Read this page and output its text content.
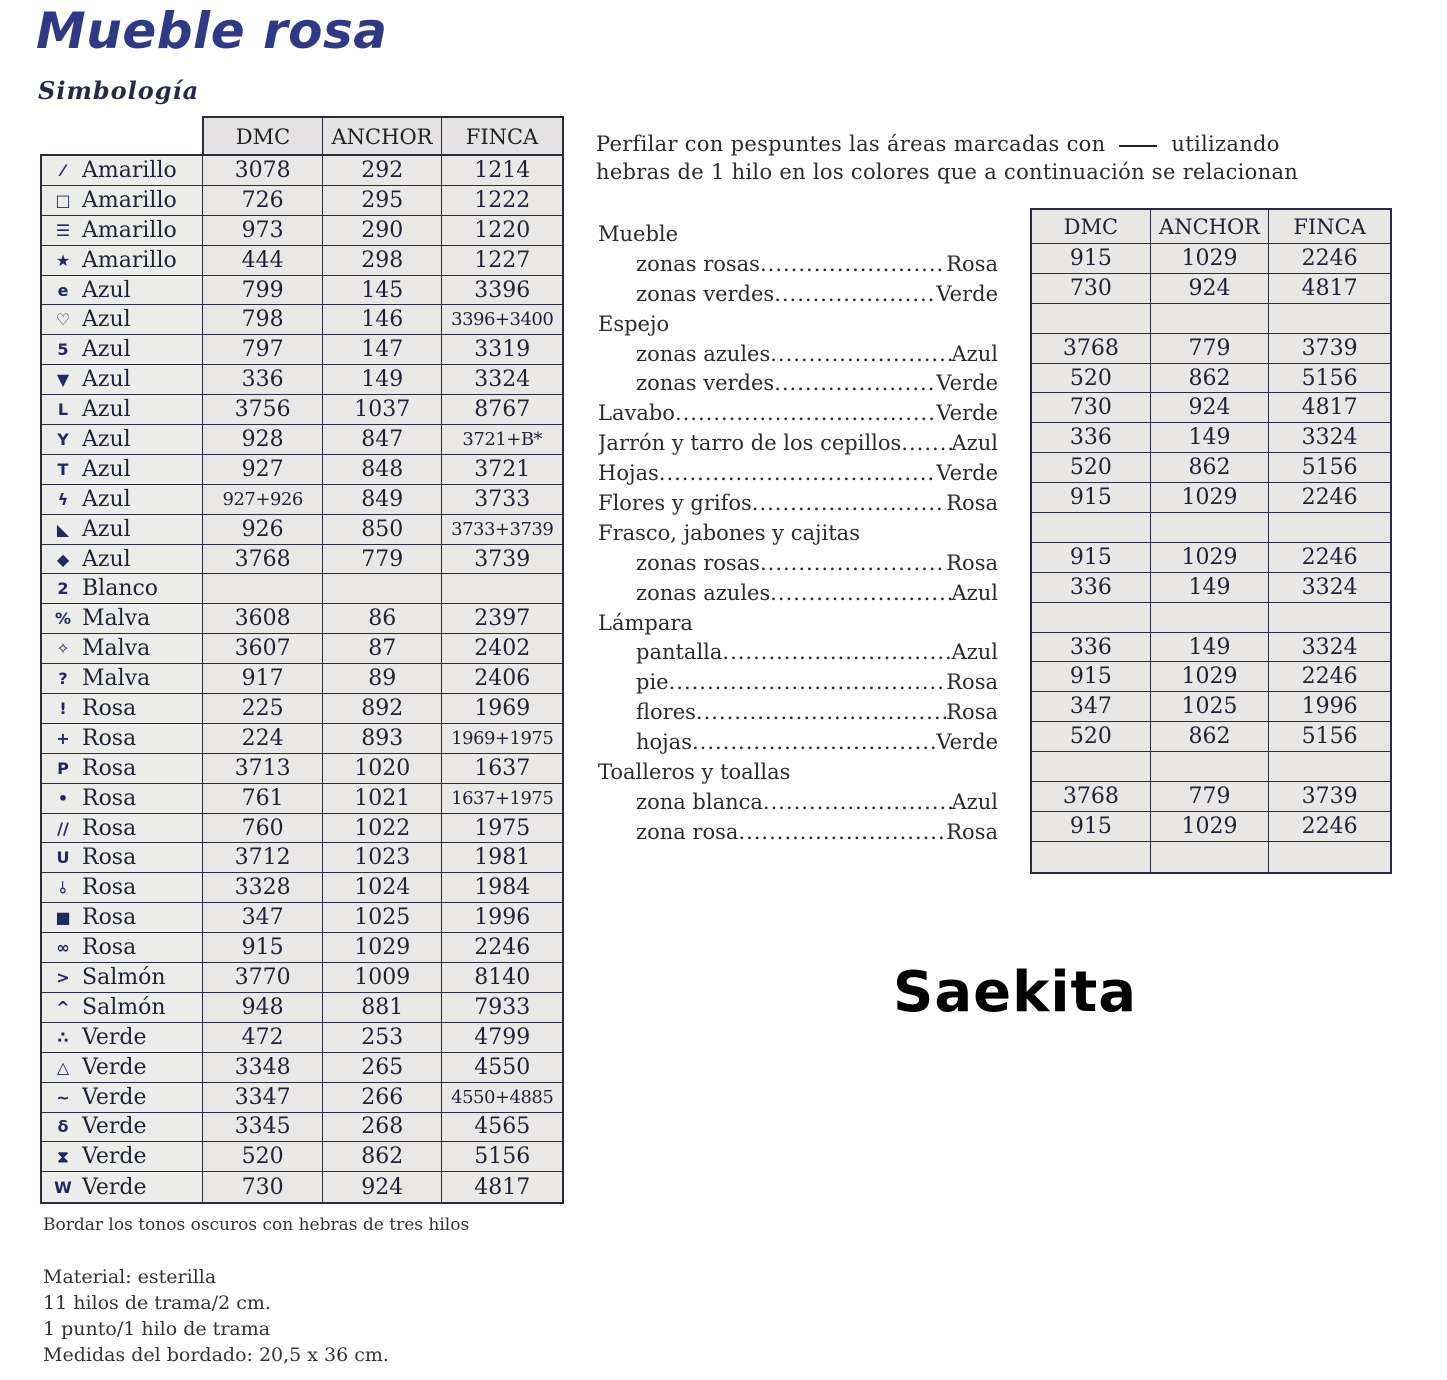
Mueble rosa
Simbología
DMC	ANCHOR	FINCA
⁄ Amarillo	3078	292	1214
□ Amarillo	726	295	1222
☰ Amarillo	973	290	1220
★ Amarillo	444	298	1227
e Azul	799	145	3396
♡ Azul	798	146	3396+3400
5 Azul	797	147	3319
▼ Azul	336	149	3324
L Azul	3756	1037	8767
Y Azul	928	847	3721+B*
T Azul	927	848	3721
ϟ Azul	927+926	849	3733
◣ Azul	926	850	3733+3739
◆ Azul	3768	779	3739
2 Blanco
% Malva	3608	86	2397
✧ Malva	3607	87	2402
? Malva	917	89	2406
! Rosa	225	892	1969
+ Rosa	224	893	1969+1975
P Rosa	3713	1020	1637
• Rosa	761	1021	1637+1975
// Rosa	760	1022	1975
U Rosa	3712	1023	1981
⫰ Rosa	3328	1024	1984
■ Rosa	347	1025	1996
∞ Rosa	915	1029	2246
> Salmón	3770	1009	8140
^ Salmón	948	881	7933
∴ Verde	472	253	4799
△ Verde	3348	265	4550
~ Verde	3347	266	4550+4885
δ Verde	3345	268	4565
⧗ Verde	520	862	5156
W Verde	730	924	4817
Bordar los tonos oscuros con hebras de tres hilos
Material: esterilla
11 hilos de trama/2 cm.
1 punto/1 hilo de trama
Medidas del bordado: 20,5 x 36 cm.
Perfilar con pespuntes las áreas marcadas con	utilizando
hebras de 1 hilo en los colores que a continuación se relacionan
Mueble
zonas rosas .....	Rosa
zonas verdes .....	Verde
Espejo
zonas azules .....	Azul
zonas verdes .....	Verde
Lavabo .....	Verde
Jarrón y tarro de los cepillos ..... Azul
Hojas .....	Verde
Flores y grifos .....	Rosa
Frasco, jabones y cajitas
zonas rosas .....	Rosa
zonas azules .....	Azul
Lámpara
pantalla .....	Azul
pie .....	Rosa
flores .....	Rosa
hojas .....	Verde
Toalleros y toallas
zona blanca .....	Azul
zona rosa .....	Rosa
DMC	ANCHOR	FINCA
915	1029	2246
730	924	4817
3768	779	3739
520	862	5156
730	924	4817
336	149	3324
520	862	5156
915	1029	2246
915	1029	2246
336	149	3324
336	149	3324
915	1029	2246
347	1025	1996
520	862	5156
3768	779	3739
915	1029	2246
Saekita
